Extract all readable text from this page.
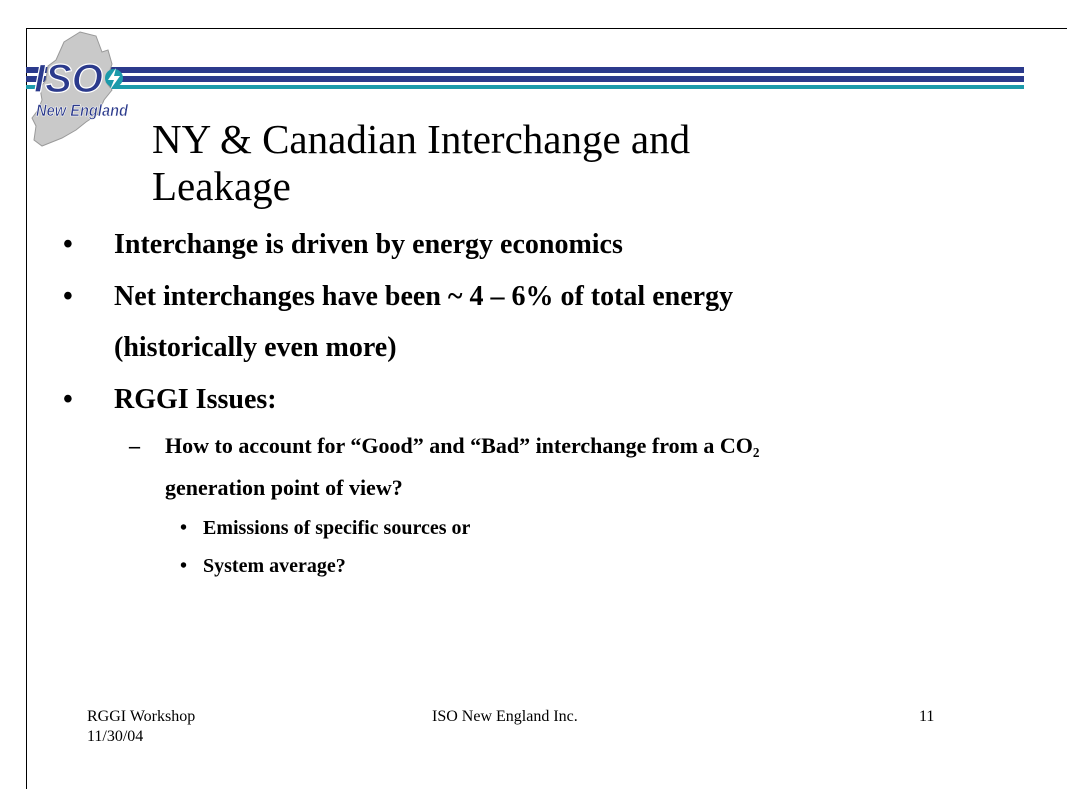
ISO
New England
NY & Canadian Interchange and
Leakage
• Interchange is driven by energy economics
• Net interchanges have been ~ 4 – 6% of total energy
(historically even more)
• RGGI Issues:
– How to account for “Good” and “Bad” interchange from a $CO_2$
generation point of view?
• Emissions of specific sources or
• System average?
RGGI Workshop
11/30/04
ISO New England Inc.	11
